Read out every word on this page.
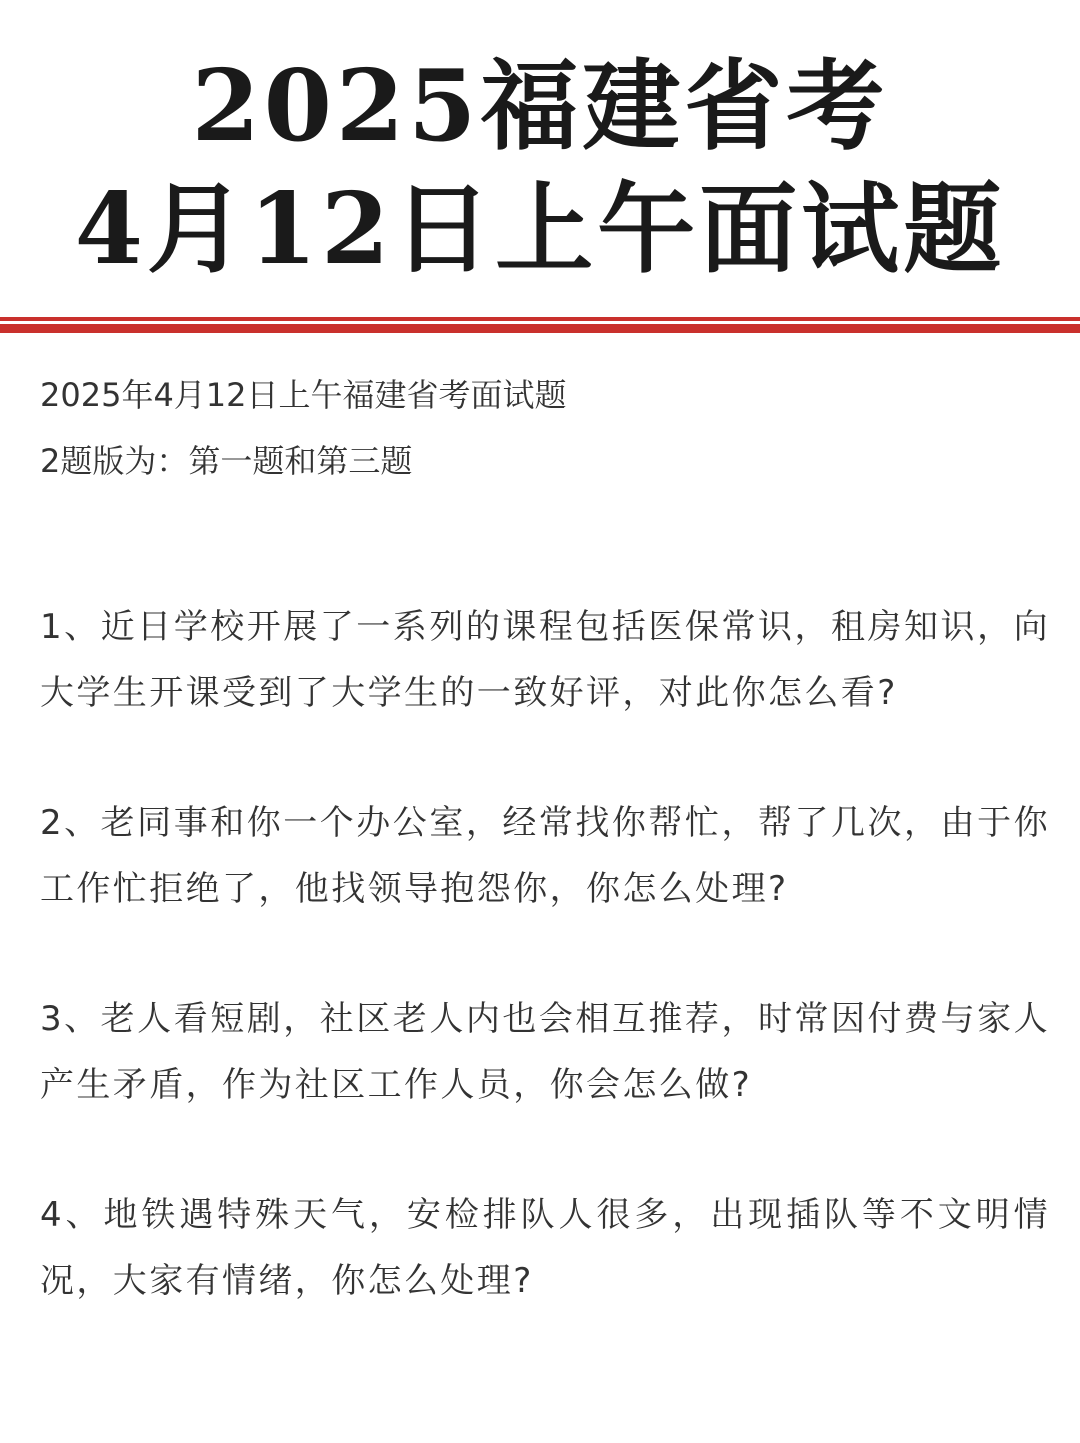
2025福建省考
4月12日上午面试题
2025年4月12日上午福建省考面试题
2题版为：第一题和第三题
1、近日学校开展了一系列的课程包括医保常识，租房知识，向大学生开课受到了大学生的一致好评，对此你怎么看?
2、老同事和你一个办公室，经常找你帮忙，帮了几次，由于你工作忙拒绝了，他找领导抱怨你，你怎么处理?
3、老人看短剧，社区老人内也会相互推荐，时常因付费与家人产生矛盾，作为社区工作人员，你会怎么做?
4、地铁遇特殊天气，安检排队人很多，出现插队等不文明情况，大家有情绪，你怎么处理?
